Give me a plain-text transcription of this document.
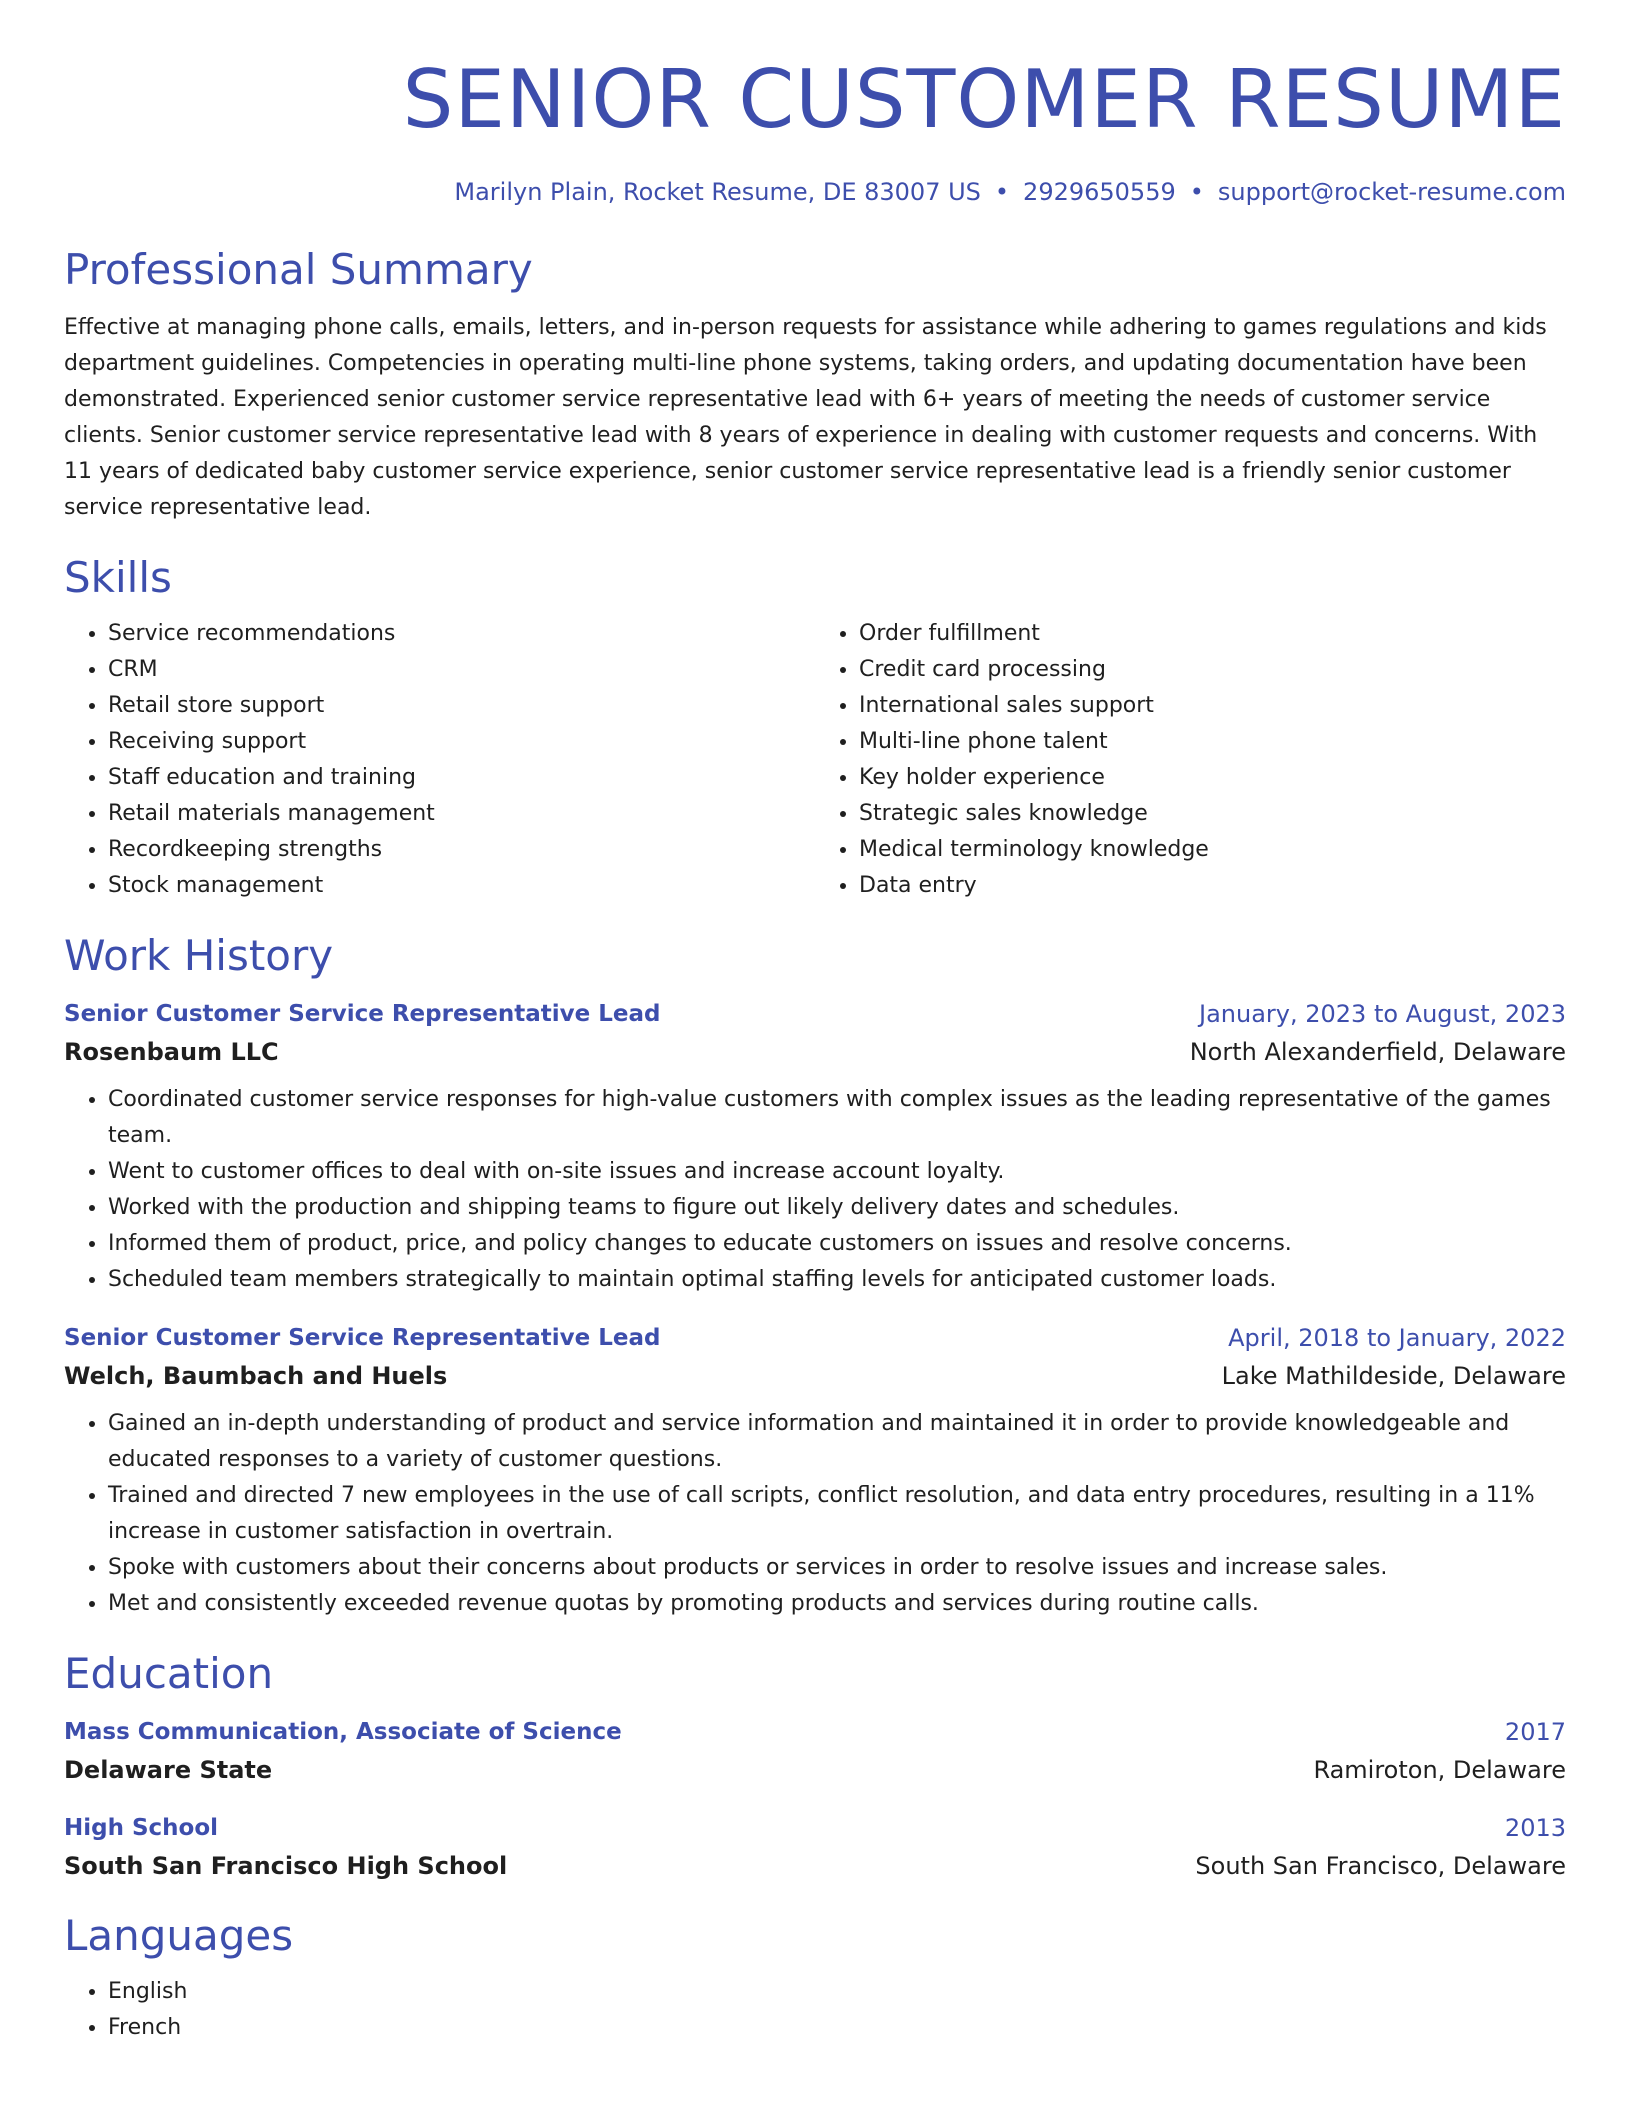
SENIOR CUSTOMER RESUME
Marilyn Plain, Rocket Resume, DE 83007 US • 2929650559 • support@rocket-resume.com
Professional Summary
Effective at managing phone calls, emails, letters, and in-person requests for assistance while adhering to games regulations and kids department guidelines. Competencies in operating multi-line phone systems, taking orders, and updating documentation have been demonstrated. Experienced senior customer service representative lead with 6+ years of meeting the needs of customer service clients. Senior customer service representative lead with 8 years of experience in dealing with customer requests and concerns. With 11 years of dedicated baby customer service experience, senior customer service representative lead is a friendly senior customer service representative lead.
Skills
• Service recommendations
• CRM
• Retail store support
• Receiving support
• Staff education and training
• Retail materials management
• Recordkeeping strengths
• Stock management
• Order fulfillment
• Credit card processing
• International sales support
• Multi-line phone talent
• Key holder experience
• Strategic sales knowledge
• Medical terminology knowledge
• Data entry
Work History
Senior Customer Service Representative Lead	January, 2023 to August, 2023
Rosenbaum LLC	North Alexanderfield, Delaware
• Coordinated customer service responses for high-value customers with complex issues as the leading representative of the games team.
• Went to customer offices to deal with on-site issues and increase account loyalty.
• Worked with the production and shipping teams to figure out likely delivery dates and schedules.
• Informed them of product, price, and policy changes to educate customers on issues and resolve concerns.
• Scheduled team members strategically to maintain optimal staffing levels for anticipated customer loads.
Senior Customer Service Representative Lead	April, 2018 to January, 2022
Welch, Baumbach and Huels	Lake Mathildeside, Delaware
• Gained an in-depth understanding of product and service information and maintained it in order to provide knowledgeable and educated responses to a variety of customer questions.
• Trained and directed 7 new employees in the use of call scripts, conflict resolution, and data entry procedures, resulting in a 11% increase in customer satisfaction in overtrain.
• Spoke with customers about their concerns about products or services in order to resolve issues and increase sales.
• Met and consistently exceeded revenue quotas by promoting products and services during routine calls.
Education
Mass Communication, Associate of Science	2017
Delaware State	Ramiroton, Delaware
High School	2013
South San Francisco High School	South San Francisco, Delaware
Languages
• English
• French
